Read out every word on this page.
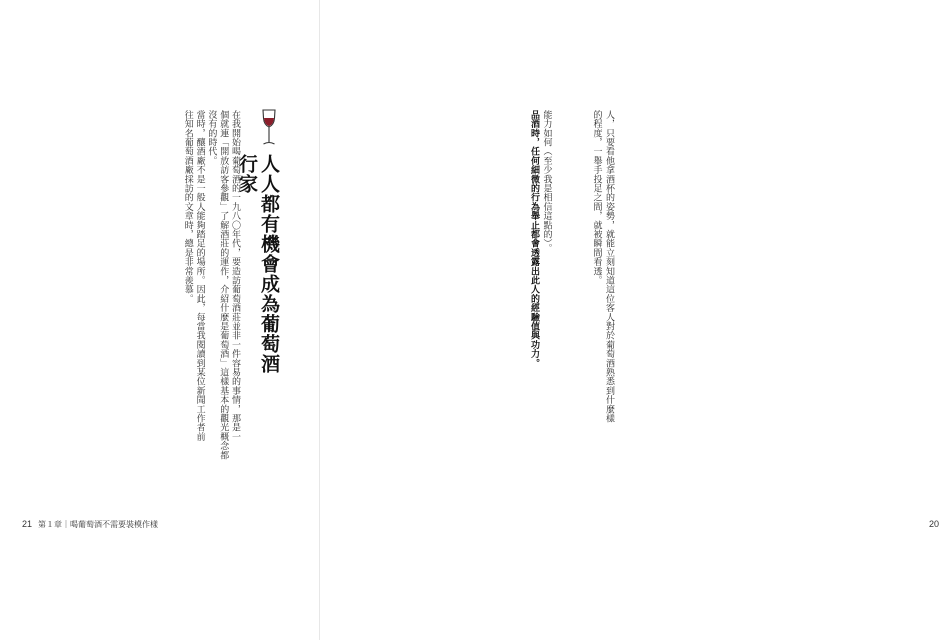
在我開始喝葡萄酒的一九八〇年代，要造訪葡萄酒莊並非一件容易的事情，那是一
個就連「開放訪客參觀」了解酒莊的運作，介紹什麼是葡萄酒」這樣基本的觀光概念都
沒有的時代。
當時，釀酒廠不是一般人能夠踏足的場所。因此，每當我閱讀到某位新聞工作者前
往知名葡萄酒廠採訪的文章時，總是非常羨慕。	人人都有機會成為葡萄酒行家
21 第１章｜喝葡萄酒不需要裝模作樣
人，只要看他拿酒杯的姿勢，就能立刻知道這位客人對於葡萄酒熟悉到什麼樣
的程度，一舉手投足之間，就被瞬間看透。
能力如何（至少我是相信這點的）。
品酒時，任何細微的行為舉止都會透露出此人的經驗值與功力。
20
